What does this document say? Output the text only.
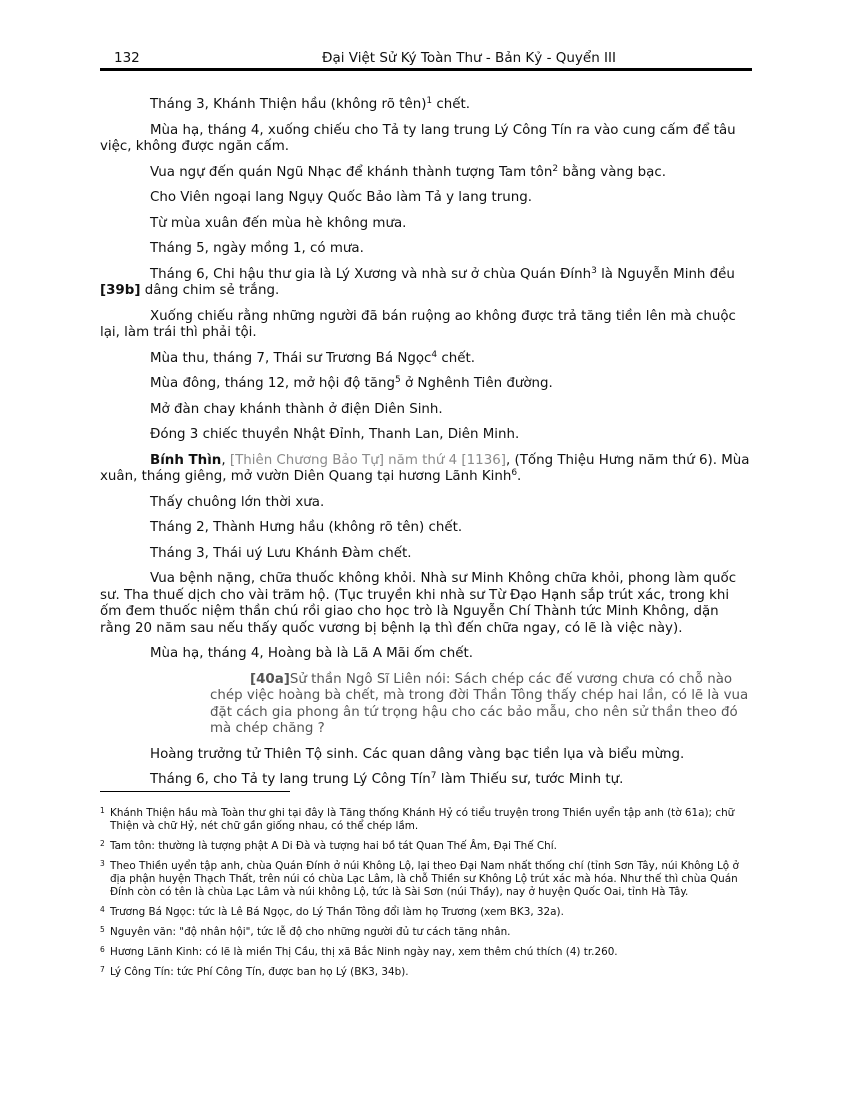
132	Đại Việt Sử Ký Toàn Thư - Bản Kỷ - Quyển III

Tháng 3, Khánh Thiện hầu (không rõ tên)$^1$ chết.

Mùa hạ, tháng 4, xuống chiếu cho Tả ty lang trung Lý Công Tín ra vào cung cấm để tâu việc, không được ngăn cấm.

Vua ngự đến quán Ngũ Nhạc để khánh thành tượng Tam tôn$^2$ bằng vàng bạc.

Cho Viên ngoại lang Ngụy Quốc Bảo làm Tả y lang trung.

Từ mùa xuân đến mùa hè không mưa.

Tháng 5, ngày mồng 1, có mưa.

Tháng 6, Chi hậu thư gia là Lý Xương và nhà sư ở chùa Quán Đính$^3$ là Nguyễn Minh đều [39b] dâng chim sẻ trắng.

Xuống chiếu rằng những người đã bán ruộng ao không được trả tăng tiền lên mà chuộc lại, làm trái thì phải tội.

Mùa thu, tháng 7, Thái sư Trương Bá Ngọc$^4$ chết.

Mùa đông, tháng 12, mở hội độ tăng$^5$ ở Nghênh Tiên đường.

Mở đàn chay khánh thành ở điện Diên Sinh.

Đóng 3 chiếc thuyền Nhật Đỉnh, Thanh Lan, Diên Minh.

Bính Thìn, [Thiên Chương Bảo Tự] năm thứ 4 [1136], (Tống Thiệu Hưng năm thứ 6). Mùa xuân, tháng giêng, mở vườn Diên Quang tại hương Lãnh Kinh$^6$.

Thấy chuông lớn thời xưa.

Tháng 2, Thành Hưng hầu (không rõ tên) chết.

Tháng 3, Thái uý Lưu Khánh Đàm chết.

Vua bệnh nặng, chữa thuốc không khỏi. Nhà sư Minh Không chữa khỏi, phong làm quốc sư. Tha thuế dịch cho vài trăm hộ. (Tục truyền khi nhà sư Từ Đạo Hạnh sắp trút xác, trong khi ốm đem thuốc niệm thần chú rồi giao cho học trò là Nguyễn Chí Thành tức Minh Không, dặn rằng 20 năm sau nếu thấy quốc vương bị bệnh lạ thì đến chữa ngay, có lẽ là việc này).

Mùa hạ, tháng 4, Hoàng bà là Lã A Mãi ốm chết.

[40a]Sử thần Ngô Sĩ Liên nói: Sách chép các đế vương chưa có chỗ nào chép việc hoàng bà chết, mà trong đời Thần Tông thấy chép hai lần, có lẽ là vua đặt cách gia phong ân tứ trọng hậu cho các bảo mẫu, cho nên sử thần theo đó mà chép chăng ?

Hoàng trưởng tử Thiên Tộ sinh. Các quan dâng vàng bạc tiền lụa và biểu mừng.

Tháng 6, cho Tả ty lang trung Lý Công Tín$^7$ làm Thiếu sư, tước Minh tự.

1 Khánh Thiện hầu mà Toàn thư ghi tại đây là Tăng thống Khánh Hỷ có tiểu truyện trong Thiền uyển tập anh (tờ 61a); chữ Thiện và chữ Hỷ, nét chữ gần giống nhau, có thể chép lầm.
2 Tam tôn: thường là tượng phật A Di Đà và tượng hai bồ tát Quan Thế Âm, Đại Thế Chí.
3 Theo Thiền uyển tập anh, chùa Quán Đính ở núi Không Lộ, lại theo Đại Nam nhất thống chí (tỉnh Sơn Tây, núi Không Lộ ở địa phận huyện Thạch Thất, trên núi có chùa Lạc Lâm, là chỗ Thiền sư Không Lộ trút xác mà hóa. Như thế thì chùa Quán Đính còn có tên là chùa Lạc Lâm và núi không Lộ, tức là Sài Sơn (núi Thầy), nay ở huyện Quốc Oai, tỉnh Hà Tây.
4 Trương Bá Ngọc: tức là Lê Bá Ngọc, do Lý Thần Tông đổi làm họ Trương (xem BK3, 32a).
5 Nguyên văn: "độ nhân hội", tức lễ độ cho những người đủ tư cách tăng nhân.
6 Hương Lãnh Kinh: có lẽ là miền Thị Cầu, thị xã Bắc Ninh ngày nay, xem thêm chú thích (4) tr.260.
7 Lý Công Tín: tức Phí Công Tín, được ban họ Lý (BK3, 34b).
